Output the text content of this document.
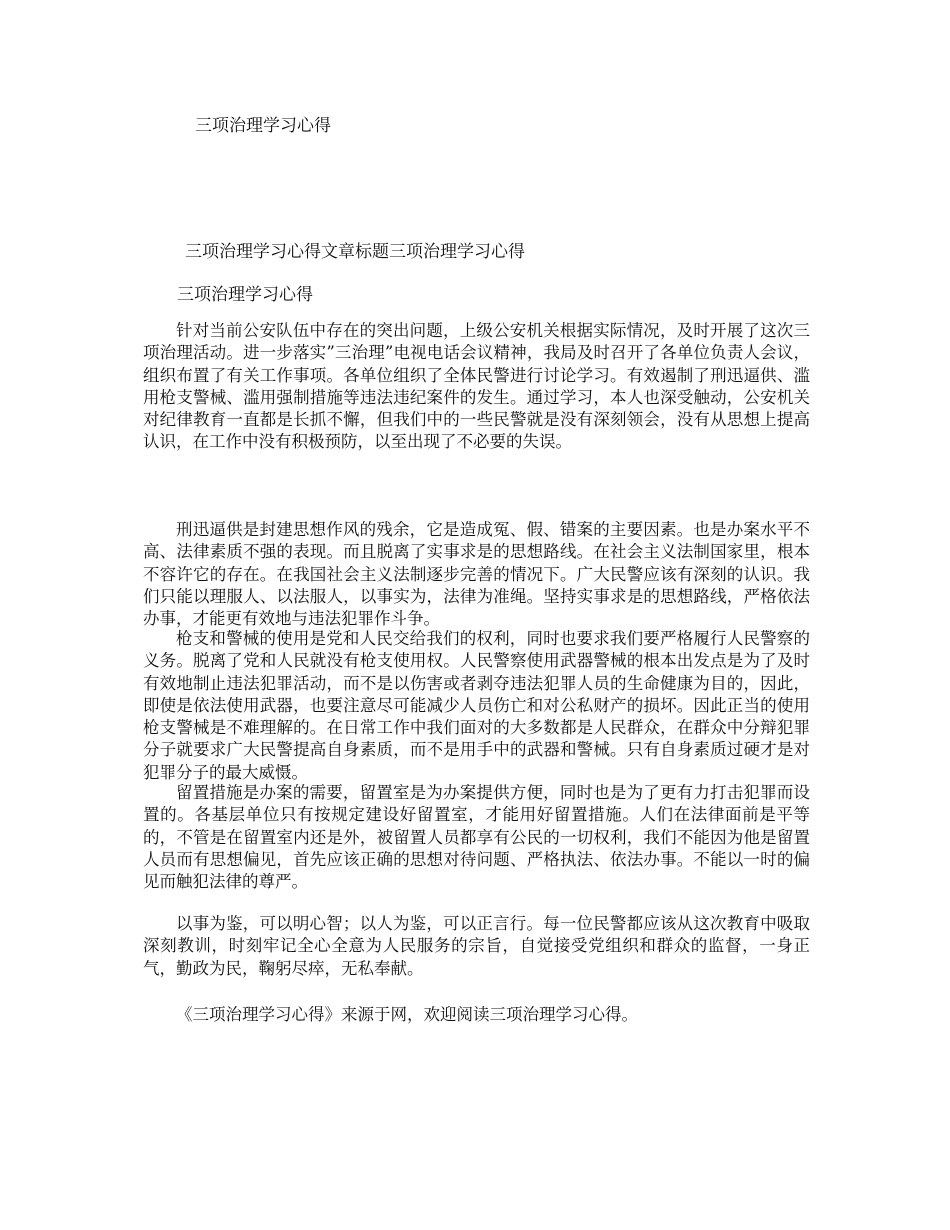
三项治理学习心得
三项治理学习心得文章标题三项治理学习心得
三项治理学习心得

针对当前公安队伍中存在的突出问题，上级公安机关根据实际情况，及时开展了这次三项治理活动。进一步落实”三治理”电视电话会议精神，我局及时召开了各单位负责人会议，组织布置了有关工作事项。各单位组织了全体民警进行讨论学习。有效遏制了刑迅逼供、滥用枪支警械、滥用强制措施等违法违纪案件的发生。通过学习，本人也深受触动，公安机关对纪律教育一直都是长抓不懈，但我们中的一些民警就是没有深刻领会，没有从思想上提高认识，在工作中没有积极预防，以至出现了不必要的失误。

刑迅逼供是封建思想作风的残余，它是造成冤、假、错案的主要因素。也是办案水平不高、法律素质不强的表现。而且脱离了实事求是的思想路线。在社会主义法制国家里，根本不容许它的存在。在我国社会主义法制逐步完善的情况下。广大民警应该有深刻的认识。我们只能以理服人、以法服人，以事实为，法律为准绳。坚持实事求是的思想路线，严格依法办事，才能更有效地与违法犯罪作斗争。

枪支和警械的使用是党和人民交给我们的权利，同时也要求我们要严格履行人民警察的义务。脱离了党和人民就没有枪支使用权。人民警察使用武器警械的根本出发点是为了及时有效地制止违法犯罪活动，而不是以伤害或者剥夺违法犯罪人员的生命健康为目的，因此，即使是依法使用武器，也要注意尽可能减少人员伤亡和对公私财产的损坏。因此正当的使用枪支警械是不难理解的。在日常工作中我们面对的大多数都是人民群众，在群众中分辩犯罪分子就要求广大民警提高自身素质，而不是用手中的武器和警械。只有自身素质过硬才是对犯罪分子的最大威慑。

留置措施是办案的需要，留置室是为办案提供方便，同时也是为了更有力打击犯罪而设置的。各基层单位只有按规定建设好留置室，才能用好留置措施。人们在法律面前是平等的，不管是在留置室内还是外，被留置人员都享有公民的一切权利，我们不能因为他是留置人员而有思想偏见，首先应该正确的思想对待问题、严格执法、依法办事。不能以一时的偏见而触犯法律的尊严。

以事为鉴，可以明心智；以人为鉴，可以正言行。每一位民警都应该从这次教育中吸取深刻教训，时刻牢记全心全意为人民服务的宗旨，自觉接受党组织和群众的监督，一身正气，勤政为民，鞠躬尽瘁，无私奉献。

《三项治理学习心得》来源于网，欢迎阅读三项治理学习心得。
